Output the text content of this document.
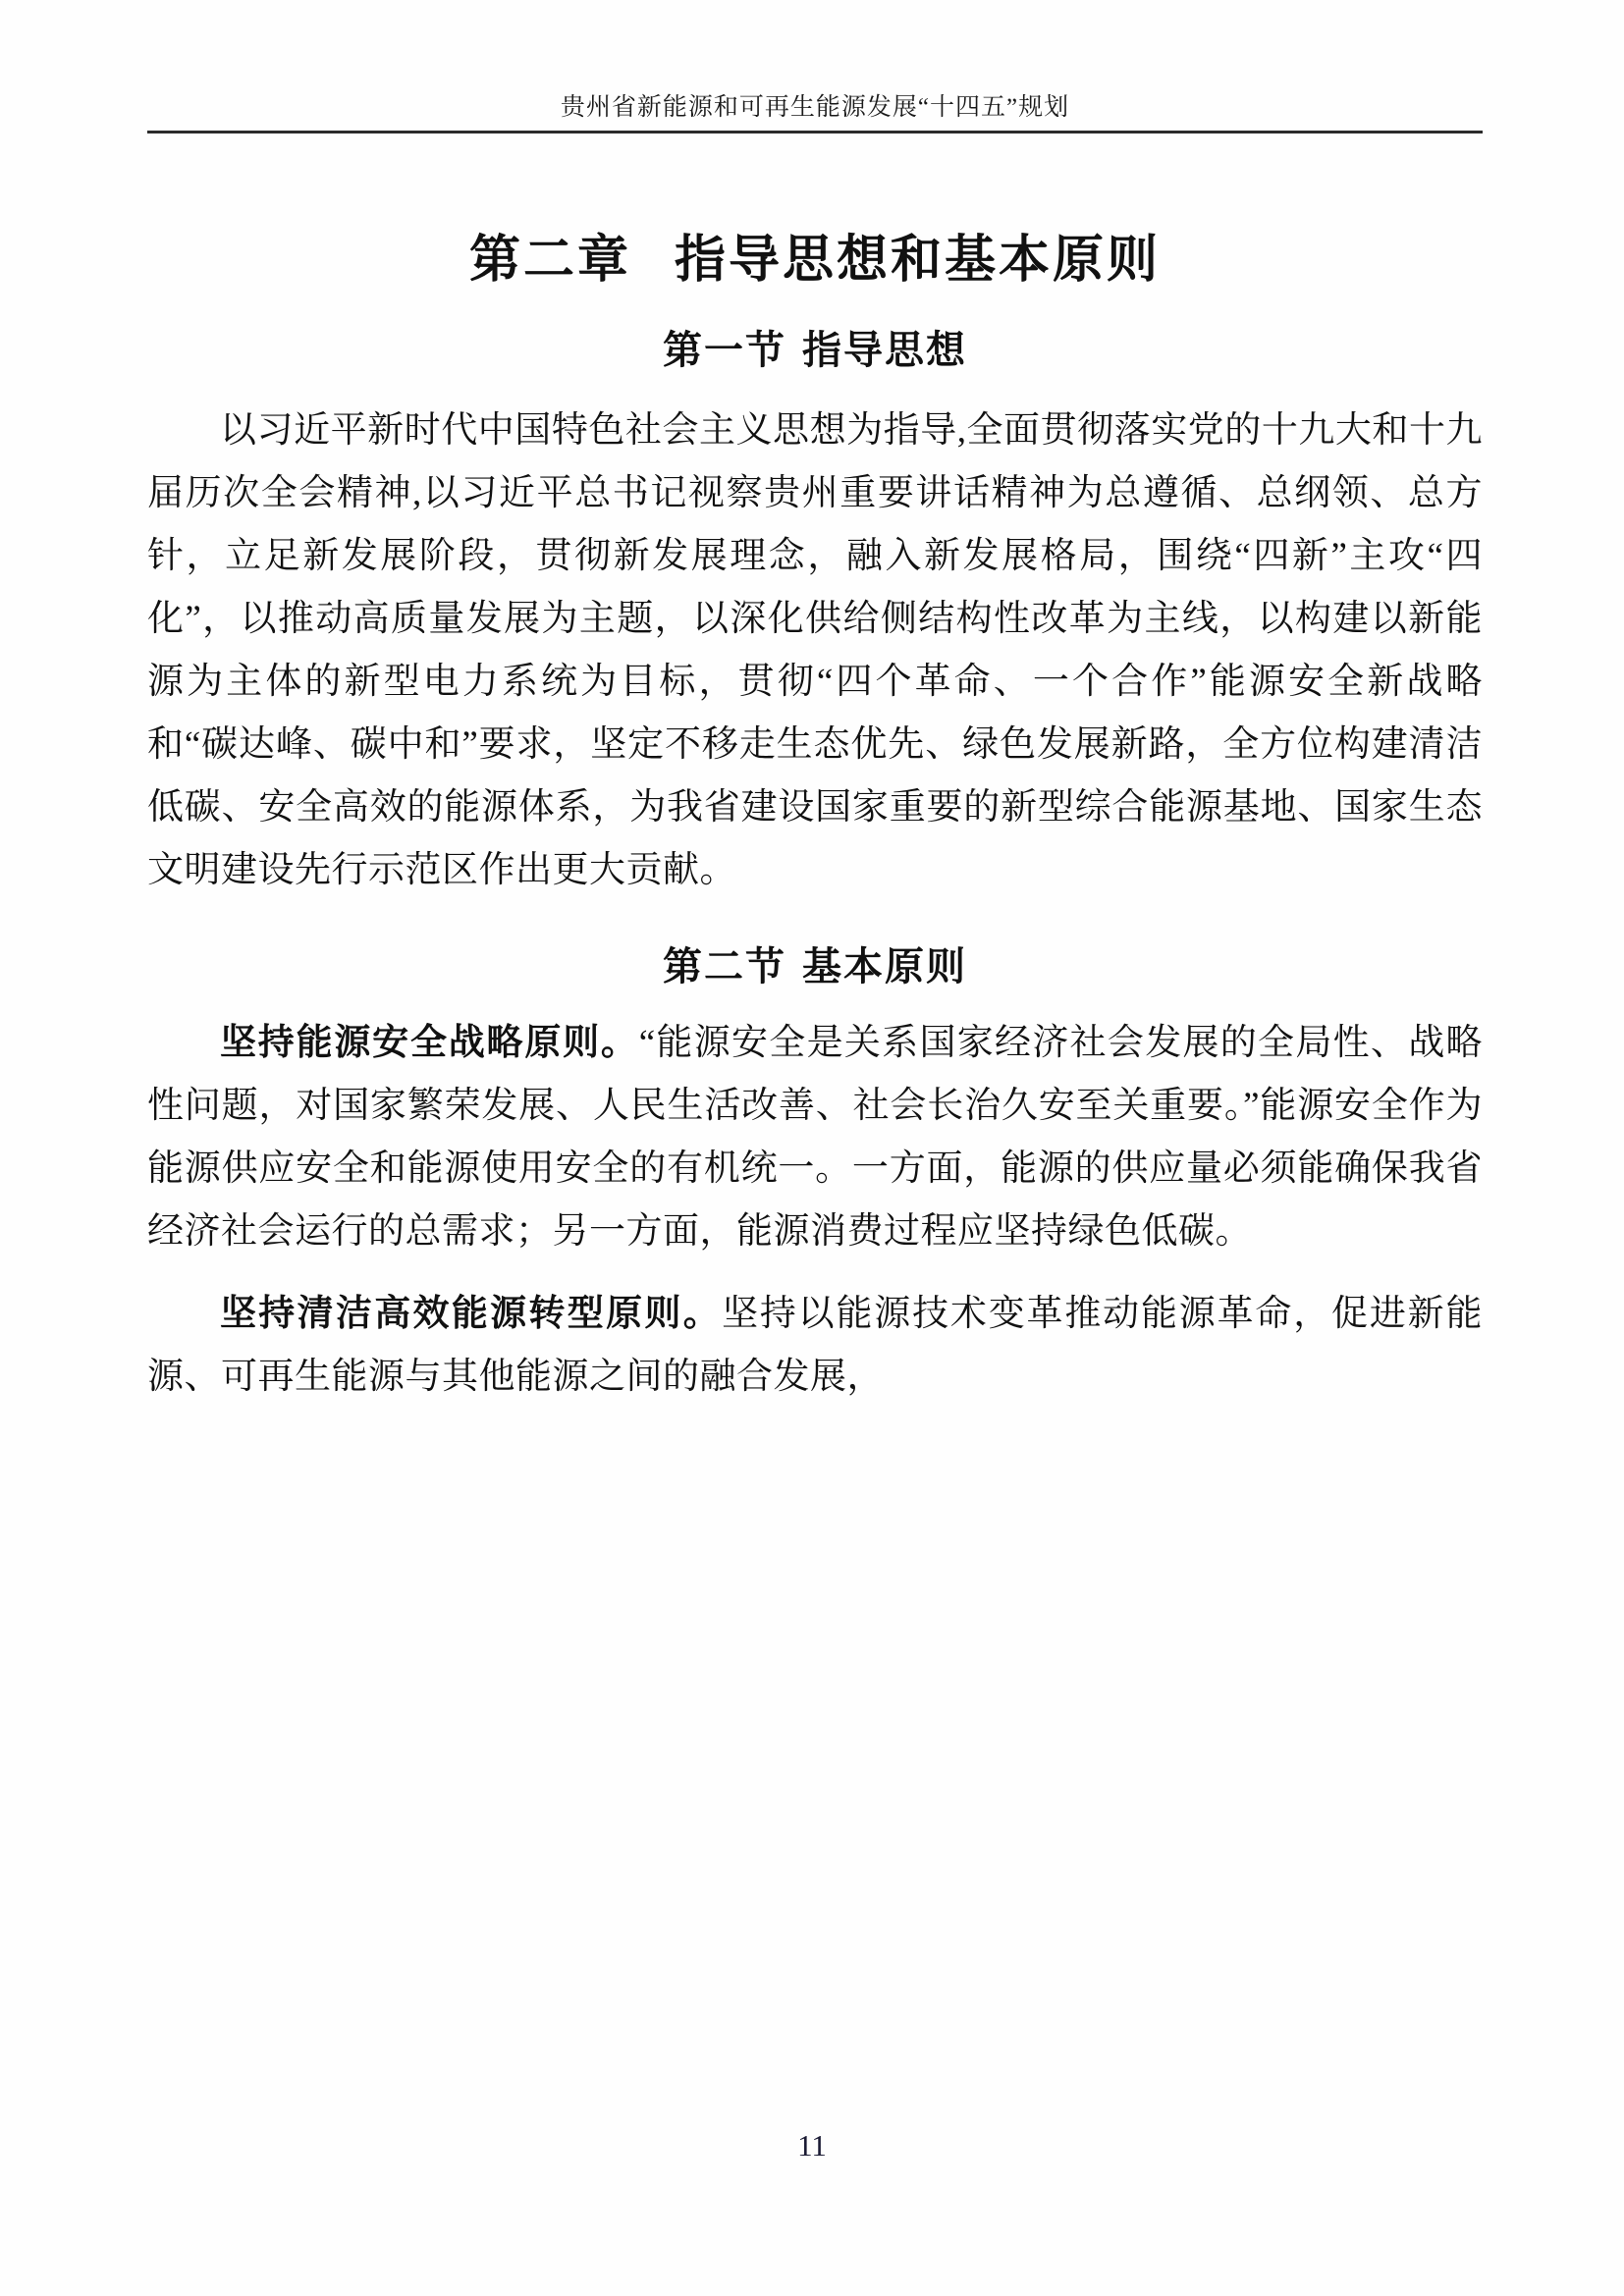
贵州省新能源和可再生能源发展“十四五”规划
第二章 指导思想和基本原则
第一节 指导思想

以习近平新时代中国特色社会主义思想为指导,全面贯彻落实党的十九大和十九届历次全会精神,以习近平总书记视察贵州重要讲话精神为总遵循、总纲领、总方针，立足新发展阶段，贯彻新发展理念，融入新发展格局，围绕“四新”主攻“四化”，以推动高质量发展为主题，以深化供给侧结构性改革为主线，以构建以新能源为主体的新型电力系统为目标，贯彻“四个革命、一个合作”能源安全新战略和“碳达峰、碳中和”要求，坚定不移走生态优先、绿色发展新路，全方位构建清洁低碳、安全高效的能源体系，为我省建设国家重要的新型综合能源基地、国家生态文明建设先行示范区作出更大贡献。

第二节 基本原则

坚持能源安全战略原则。“能源安全是关系国家经济社会发展的全局性、战略性问题，对国家繁荣发展、人民生活改善、社会长治久安至关重要。”能源安全作为能源供应安全和能源使用安全的有机统一。一方面，能源的供应量必须能确保我省经济社会运行的总需求；另一方面，能源消费过程应坚持绿色低碳。

坚持清洁高效能源转型原则。坚持以能源技术变革推动能源革命，促进新能源、可再生能源与其他能源之间的融合发展，

11
